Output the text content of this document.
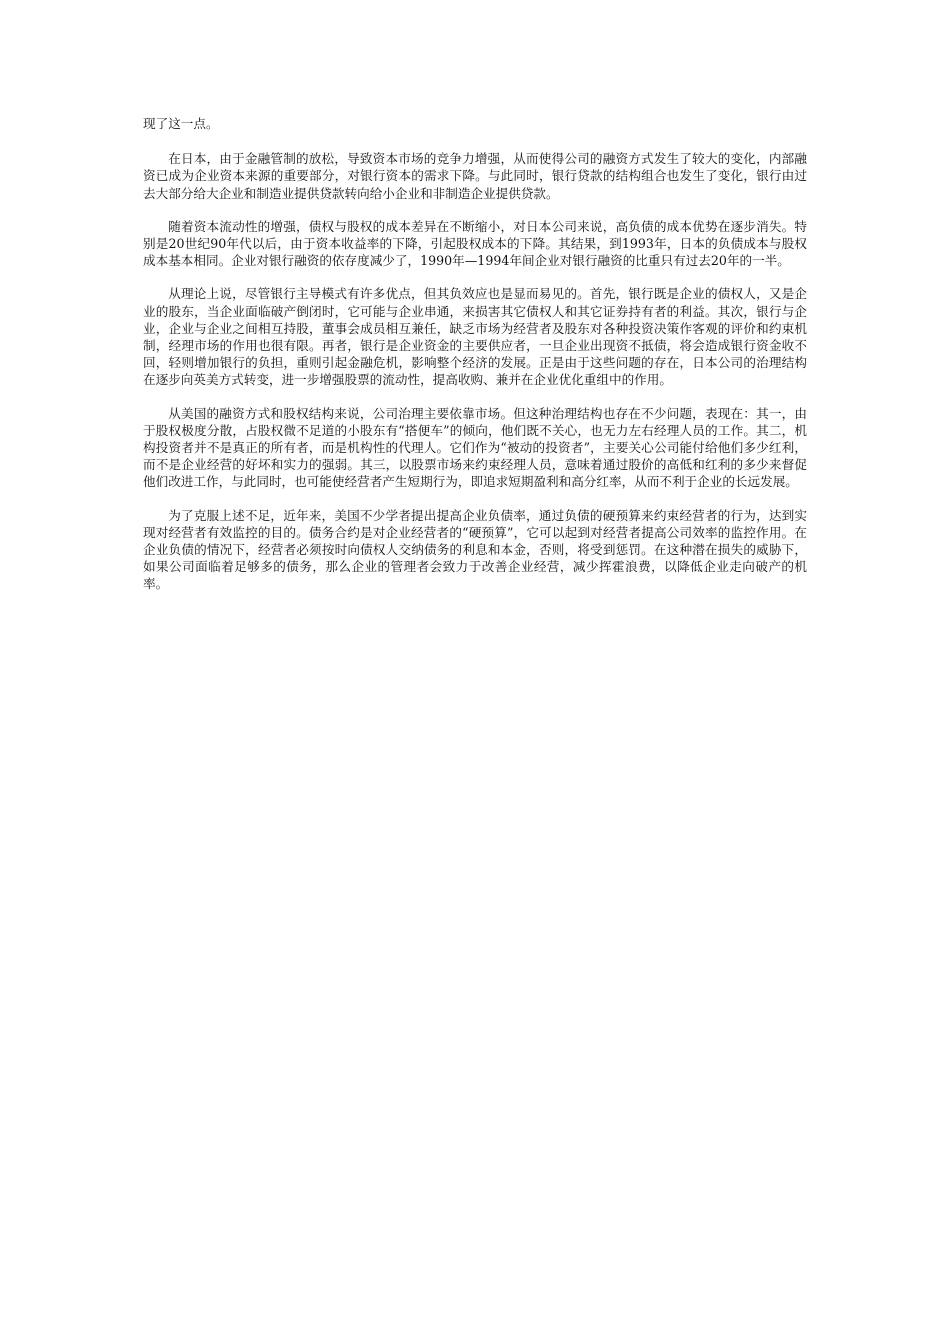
现了这一点。

在日本，由于金融管制的放松，导致资本市场的竞争力增强，从而使得公司的融资方式发生了较大的变化，内部融资已成为企业资本来源的重要部分，对银行资本的需求下降。与此同时，银行贷款的结构组合也发生了变化，银行由过去大部分给大企业和制造业提供贷款转向给小企业和非制造企业提供贷款。

随着资本流动性的增强，债权与股权的成本差异在不断缩小，对日本公司来说，高负债的成本优势在逐步消失。特别是20世纪90年代以后，由于资本收益率的下降，引起股权成本的下降。其结果，到1993年，日本的负债成本与股权成本基本相同。企业对银行融资的依存度减少了，1990年—1994年间企业对银行融资的比重只有过去20年的一半。

从理论上说，尽管银行主导模式有许多优点，但其负效应也是显而易见的。首先，银行既是企业的债权人，又是企业的股东，当企业面临破产倒闭时，它可能与企业串通，来损害其它债权人和其它证券持有者的利益。其次，银行与企业，企业与企业之间相互持股，董事会成员相互兼任，缺乏市场为经营者及股东对各种投资决策作客观的评价和约束机制，经理市场的作用也很有限。再者，银行是企业资金的主要供应者，一旦企业出现资不抵债，将会造成银行资金收不回，轻则增加银行的负担，重则引起金融危机，影响整个经济的发展。正是由于这些问题的存在，日本公司的治理结构在逐步向英美方式转变，进一步增强股票的流动性，提高收购、兼并在企业优化重组中的作用。

从美国的融资方式和股权结构来说，公司治理主要依靠市场。但这种治理结构也存在不少问题，表现在：其一，由于股权极度分散，占股权微不足道的小股东有“搭便车”的倾向，他们既不关心，也无力左右经理人员的工作。其二，机构投资者并不是真正的所有者，而是机构性的代理人。它们作为“被动的投资者”，主要关心公司能付给他们多少红利，而不是企业经营的好坏和实力的强弱。其三，以股票市场来约束经理人员，意味着通过股价的高低和红利的多少来督促他们改进工作，与此同时，也可能使经营者产生短期行为，即追求短期盈利和高分红率，从而不利于企业的长远发展。

为了克服上述不足，近年来，美国不少学者提出提高企业负债率，通过负债的硬预算来约束经营者的行为，达到实现对经营者有效监控的目的。债务合约是对企业经营者的“硬预算”，它可以起到对经营者提高公司效率的监控作用。在企业负债的情况下，经营者必须按时向债权人交纳债务的利息和本金，否则，将受到惩罚。在这种潜在损失的威胁下，如果公司面临着足够多的债务，那么企业的管理者会致力于改善企业经营，减少挥霍浪费，以降低企业走向破产的机率。
